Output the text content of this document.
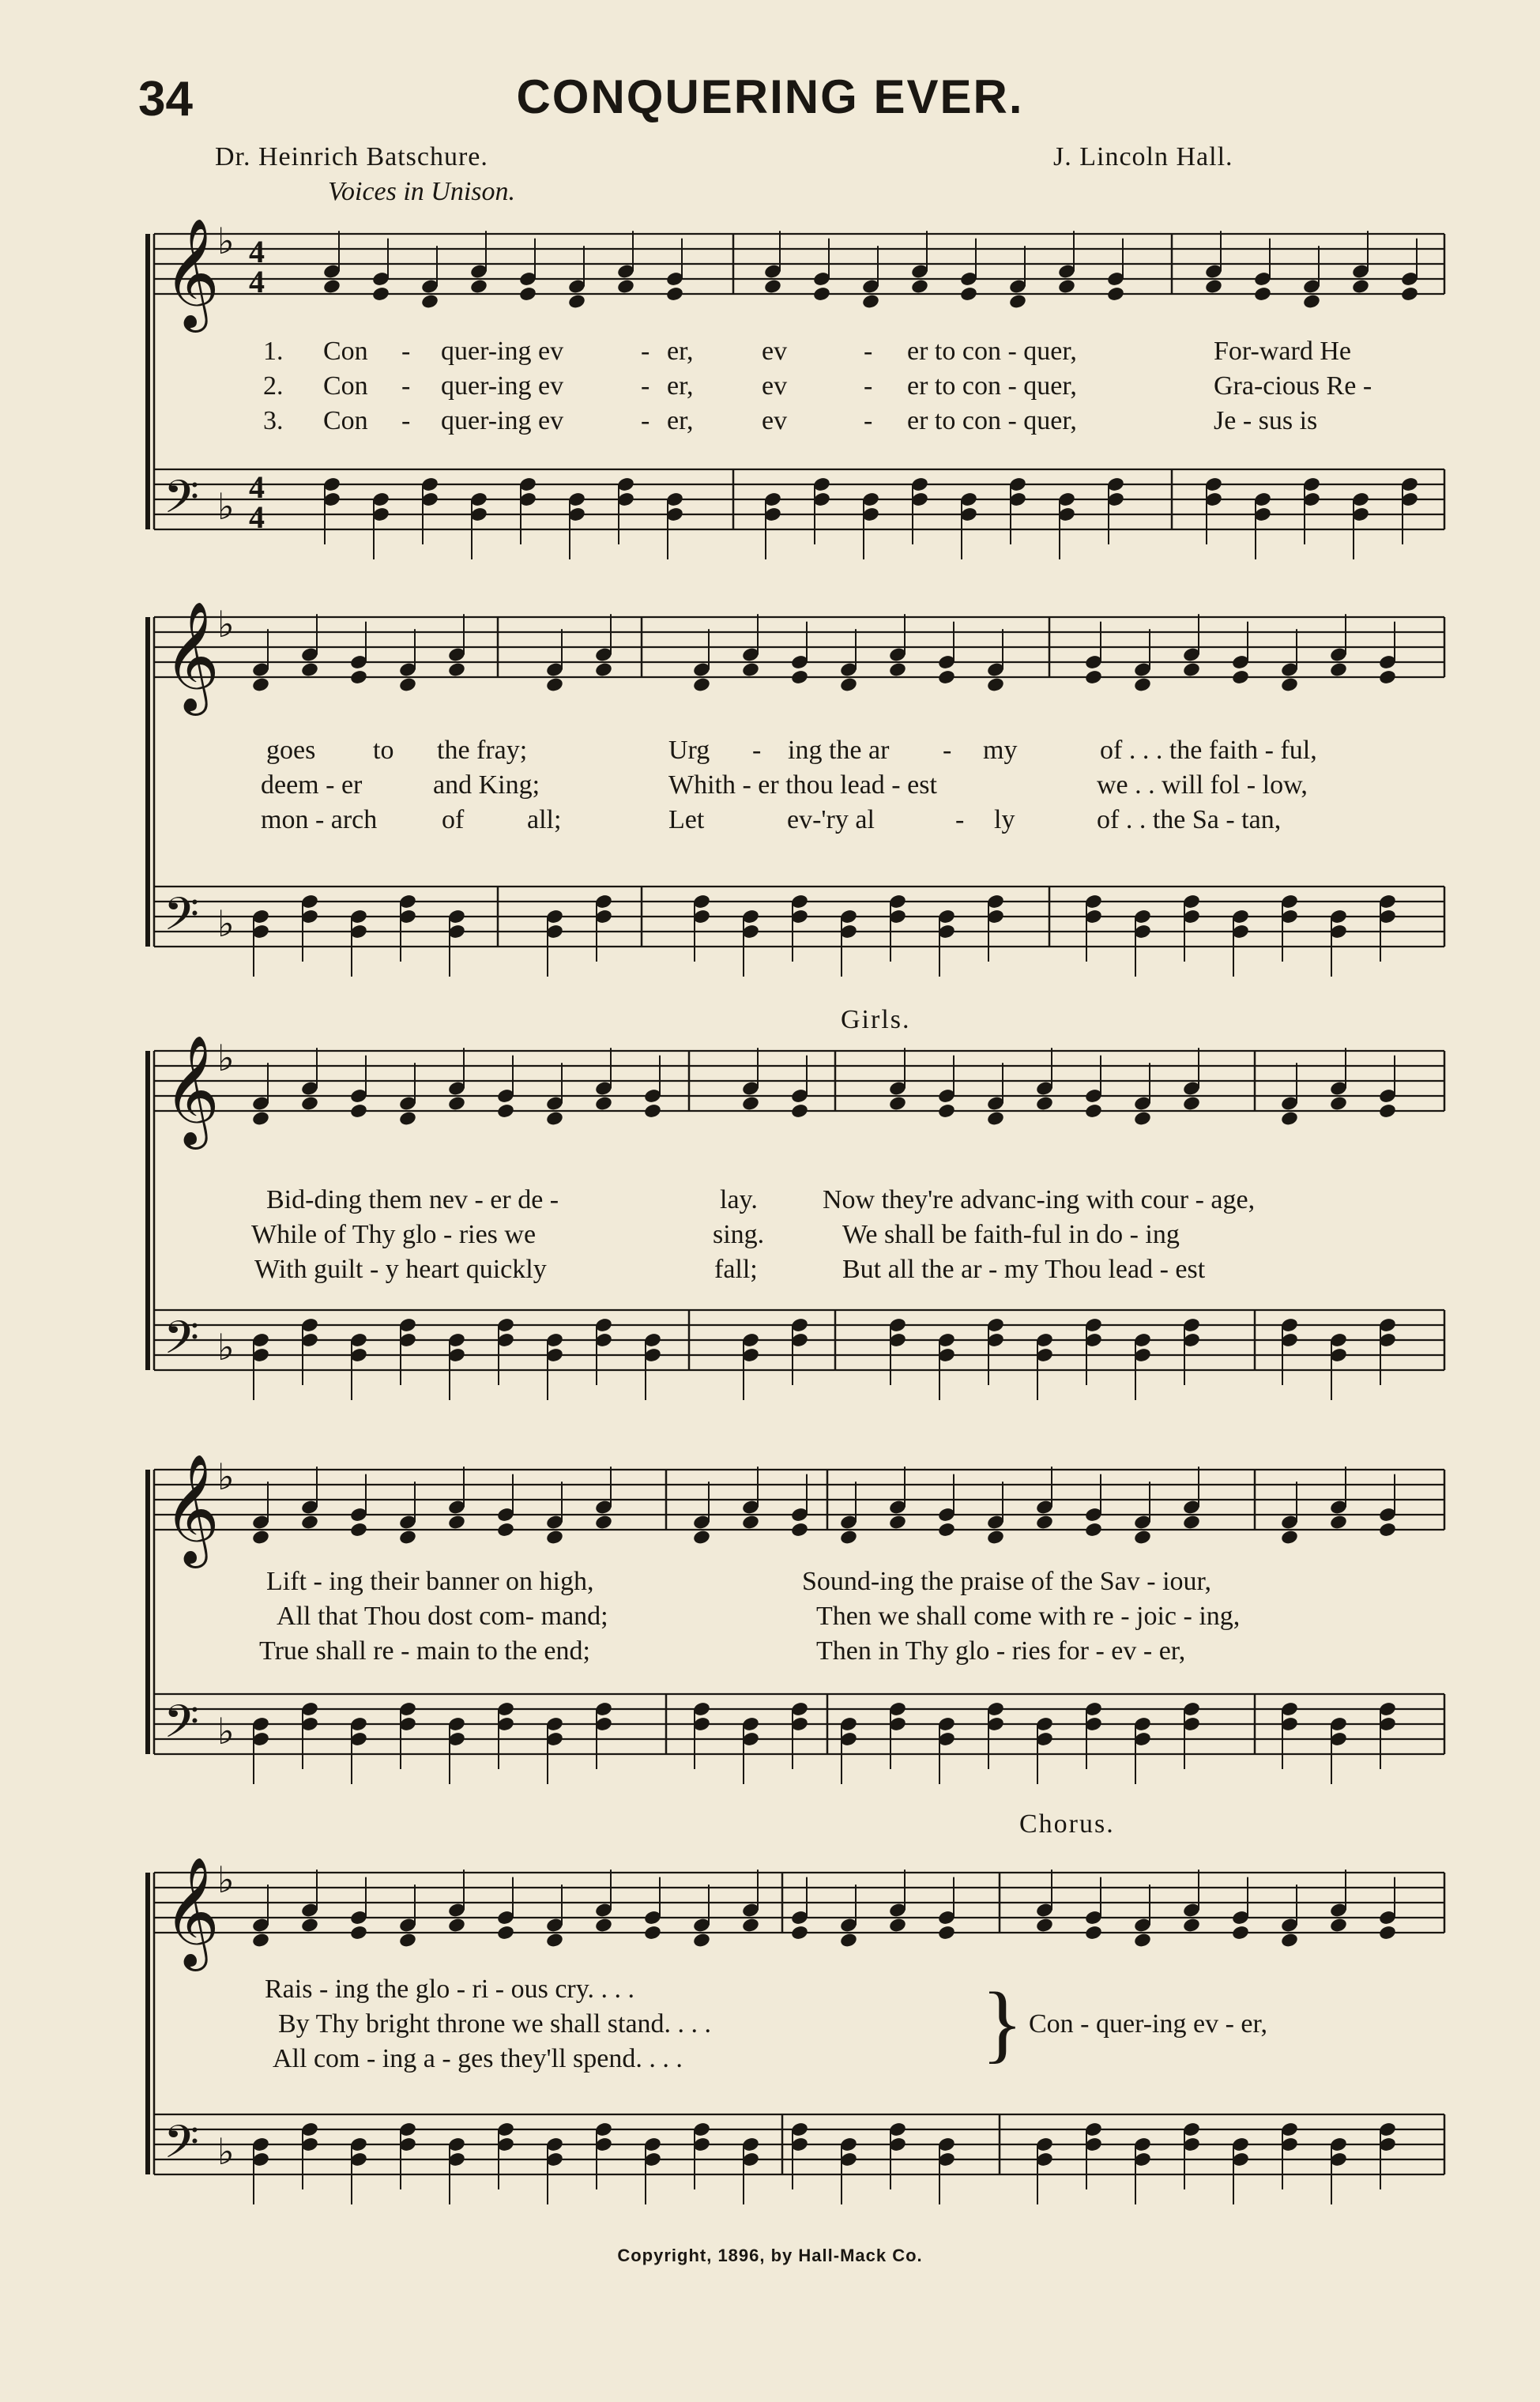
34	CONQUERING EVER.
Dr. Heinrich Batschure.	J. Lincoln Hall.
Voices in Unison.
Girls.
Chorus.
𝄞
♭ 4
4
𝄢 ♭ 4
4
𝄞
♭
𝄢 ♭
𝄞
♭
𝄢 ♭
𝄞
♭
𝄢 ♭
𝄞
♭
𝄢 ♭
1. Con - quer-ing ev	- er,	ev	- er to con - quer,	For-ward He
2. Con - quer-ing ev	- er,	ev	- er to con - quer,	Gra-cious Re -
3. Con - quer-ing ev	- er,	ev	- er to con - quer,	Je - sus is
goes to the fray;	Urg - ing the ar - my	of . . . the faith - ful,
deem - er	and King;	Whith - er thou lead - est	we . . will fol - low,
mon - arch of all;	Let	ev-'ry al	- ly	of . . the Sa - tan,
Bid-ding them nev - er de -	lay. Now they're advanc-ing with cour - age,
While of Thy glo - ries we	sing.	We shall be faith-ful in do - ing
With guilt - y heart quickly	fall;	But all the ar - my Thou lead - est
Lift - ing their banner on high,	Sound-ing the praise of the Sav - iour,
All that Thou dost com- mand;	Then we shall come with re - joic - ing,
True shall re - main to the end;	Then in Thy glo - ries for - ev - er,
Rais - ing the glo - ri - ous cry. . . .
By Thy bright throne we shall stand. . . .
All com - ing a - ges they'll spend. . . .	} Con - quer-ing ev - er,
Copyright, 1896, by Hall-Mack Co.
